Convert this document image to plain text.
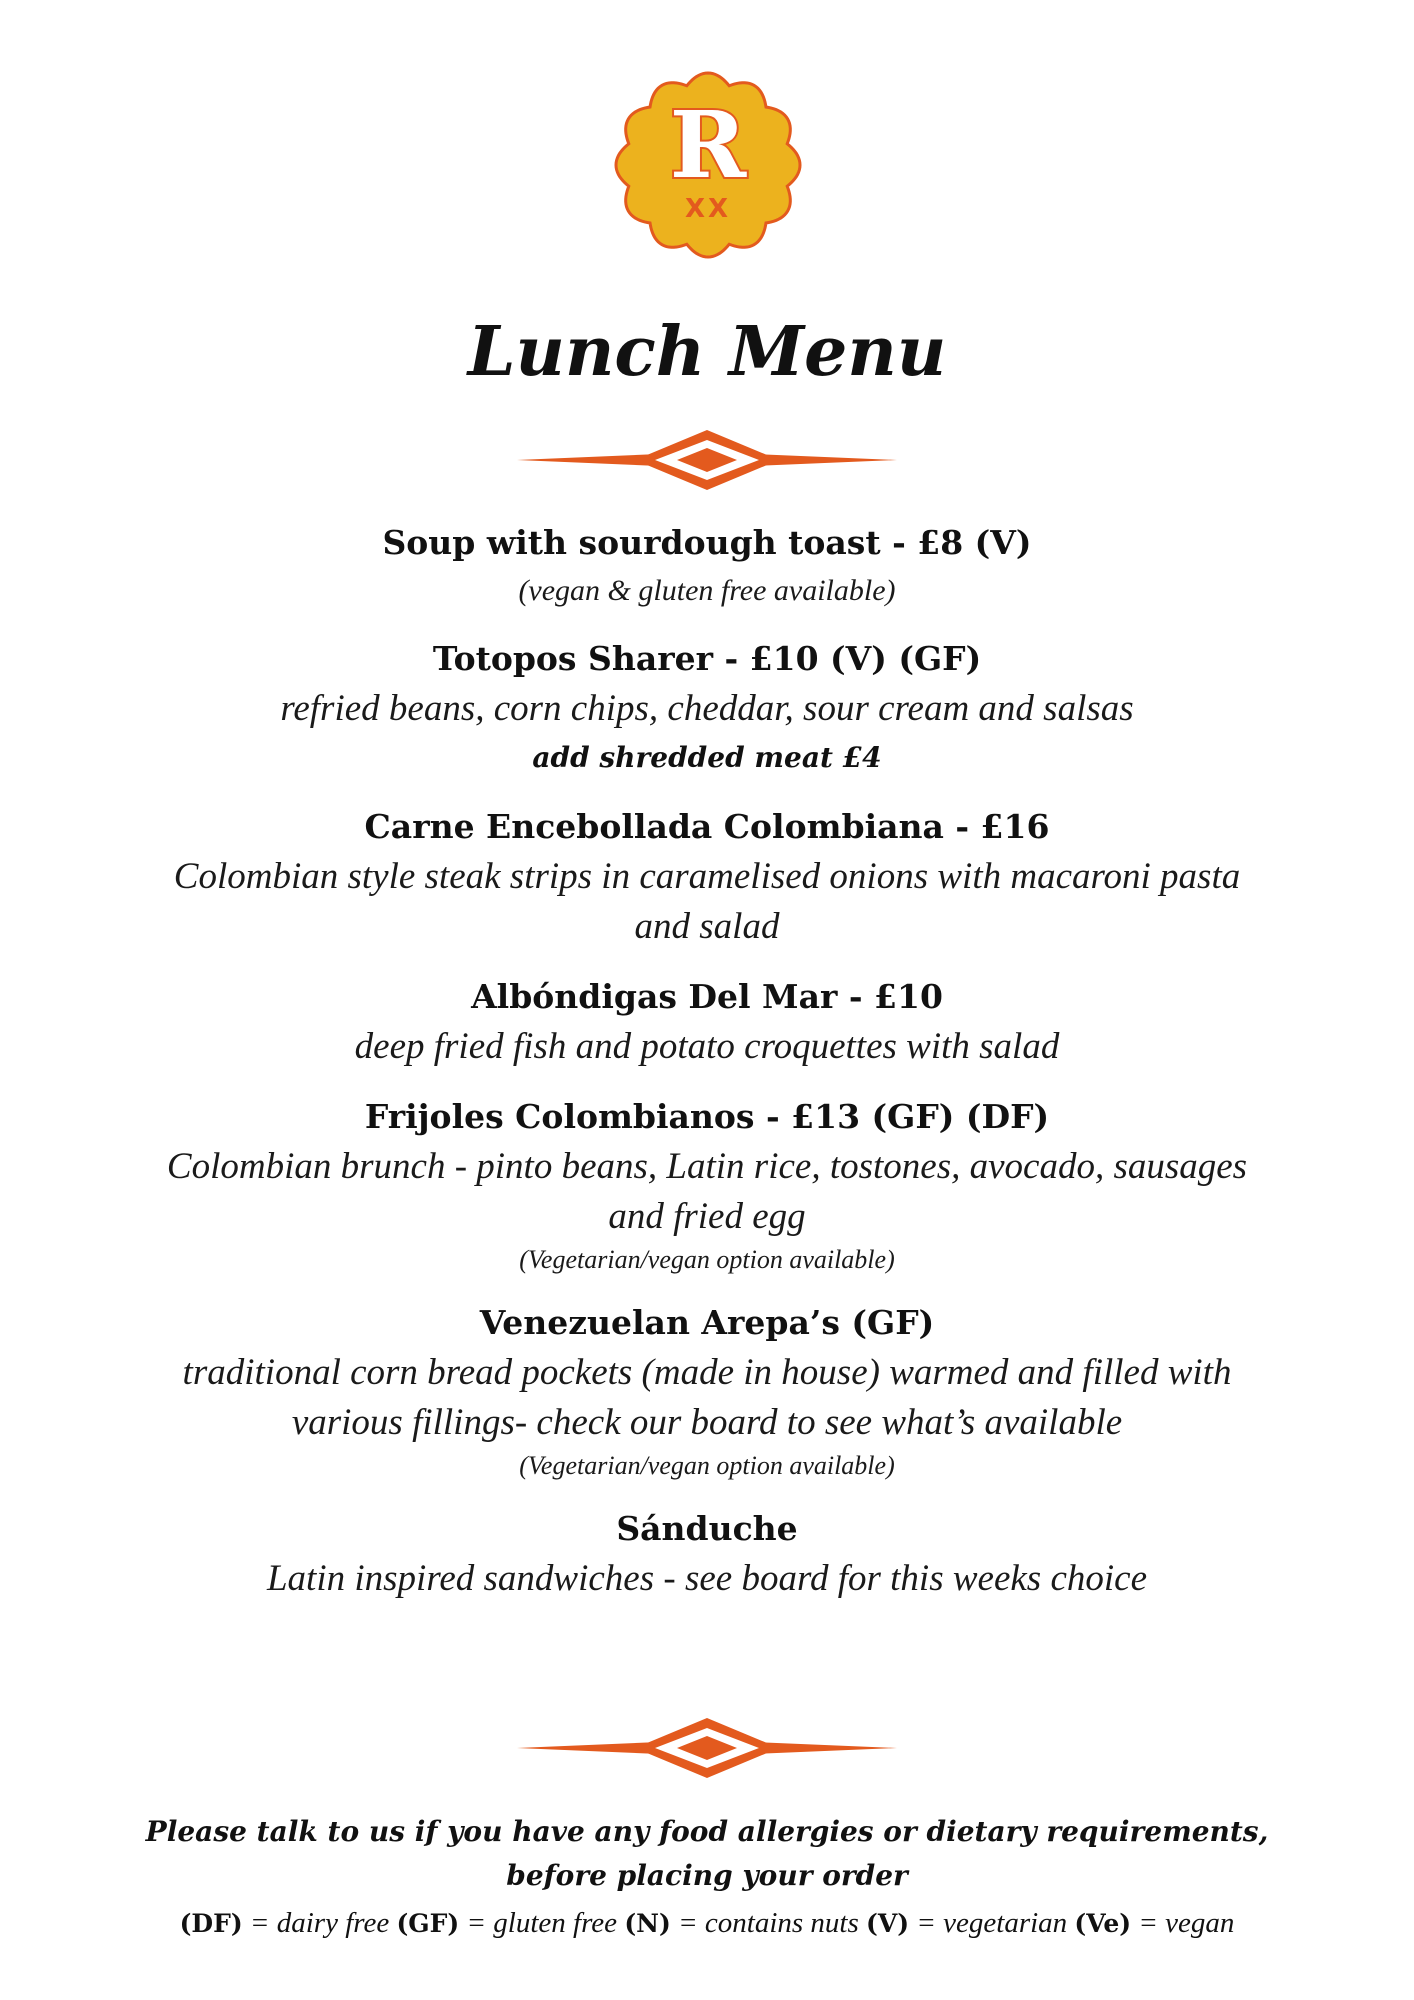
R
XX
Lunch Menu

Soup with sourdough toast - £8 (V)

(vegan & gluten free available)

Totopos Sharer - £10 (V) (GF)

refried beans, corn chips, cheddar, sour cream and salsas

add shredded meat £4

Carne Encebollada Colombiana - £16

Colombian style steak strips in caramelised onions with macaroni pasta

and salad

Albóndigas Del Mar - £10

deep fried fish and potato croquettes with salad

Frijoles Colombianos - £13 (GF) (DF)

Colombian brunch - pinto beans, Latin rice, tostones, avocado, sausages

and fried egg

(Vegetarian/vegan option available)

Venezuelan Arepa’s (GF)

traditional corn bread pockets (made in house) warmed and filled with

various fillings- check our board to see what’s available

(Vegetarian/vegan option available)

Sánduche

Latin inspired sandwiches - see board for this weeks choice

Please talk to us if you have any food allergies or dietary requirements,

before placing your order

(DF) = dairy free (GF) = gluten free (N) = contains nuts (V) = vegetarian (Ve) = vegan
